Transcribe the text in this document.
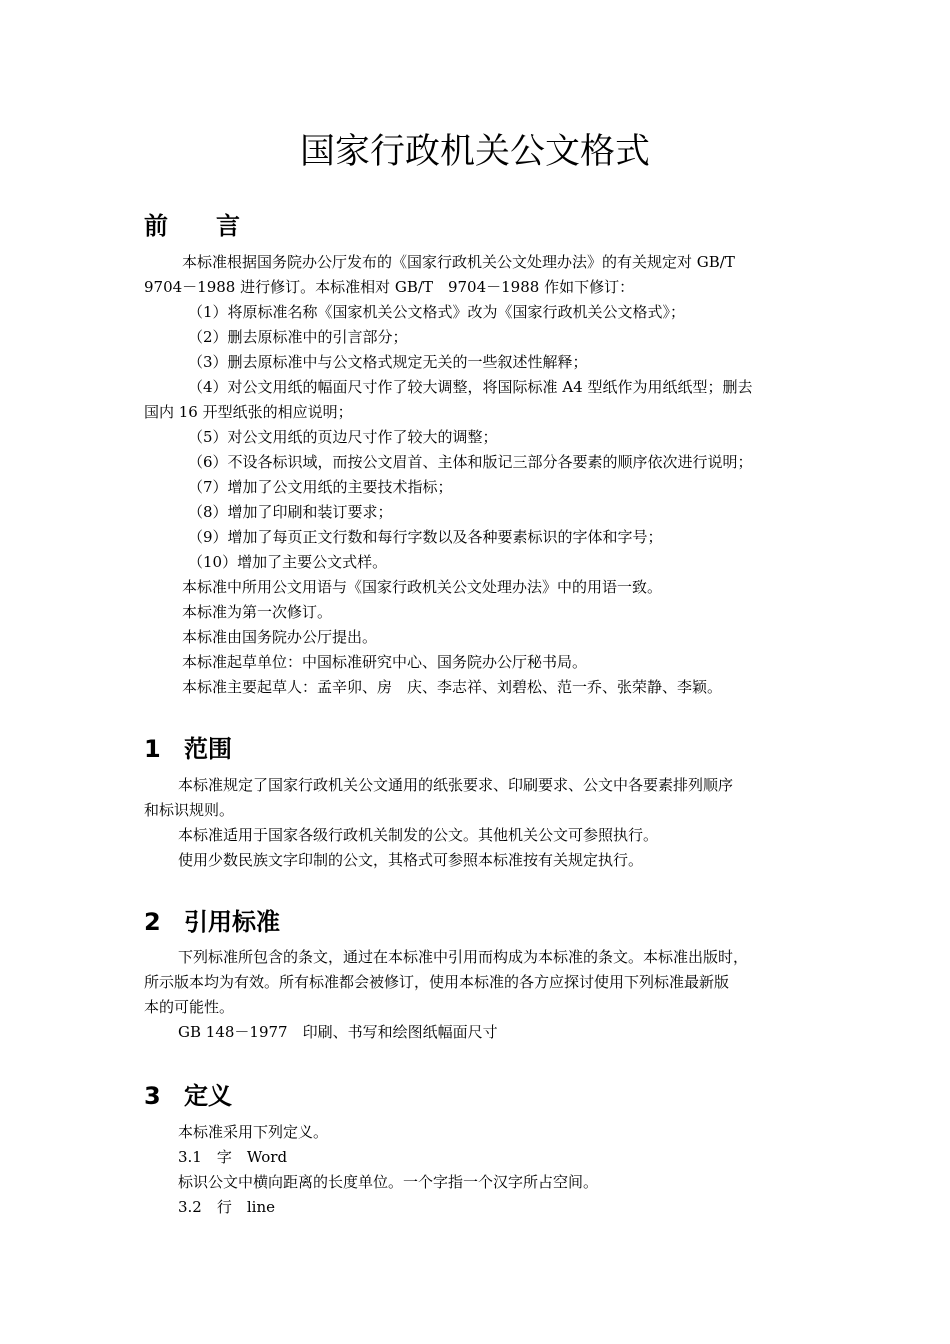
国家行政机关公文格式
前　　言

本标准根据国务院办公厅发布的《国家行政机关公文处理办法》的有关规定对 GB/T
9704－1988 进行修订。本标准相对 GB/T　9704－1988 作如下修订：

（1）将原标准名称《国家机关公文格式》改为《国家行政机关公文格式》；

（2）删去原标准中的引言部分；

（3）删去原标准中与公文格式规定无关的一些叙述性解释；

（4）对公文用纸的幅面尺寸作了较大调整，将国际标准 A4 型纸作为用纸纸型；删去
国内 16 开型纸张的相应说明；

（5）对公文用纸的页边尺寸作了较大的调整；

（6）不设各标识域，而按公文眉首、主体和版记三部分各要素的顺序依次进行说明；

（7）增加了公文用纸的主要技术指标；

（8）增加了印刷和装订要求；

（9）增加了每页正文行数和每行字数以及各种要素标识的字体和字号；

（10）增加了主要公文式样。

本标准中所用公文用语与《国家行政机关公文处理办法》中的用语一致。

本标准为第一次修订。

本标准由国务院办公厅提出。

本标准起草单位：中国标准研究中心、国务院办公厅秘书局。

本标准主要起草人：孟辛卯、房　庆、李志祥、刘碧松、范一乔、张荣静、李颖。

1 范围

本标准规定了国家行政机关公文通用的纸张要求、印刷要求、公文中各要素排列顺序
和标识规则。

本标准适用于国家各级行政机关制发的公文。其他机关公文可参照执行。

使用少数民族文字印制的公文，其格式可参照本标准按有关规定执行。

2 引用标准

下列标准所包含的条文，通过在本标准中引用而构成为本标准的条文。本标准出版时，
所示版本均为有效。所有标准都会被修订，使用本标准的各方应探讨使用下列标准最新版
本的可能性。

GB 148－1977　印刷、书写和绘图纸幅面尺寸

3 定义

本标准采用下列定义。

3.1　字　Word

标识公文中横向距离的长度单位。一个字指一个汉字所占空间。

3.2　行　line
